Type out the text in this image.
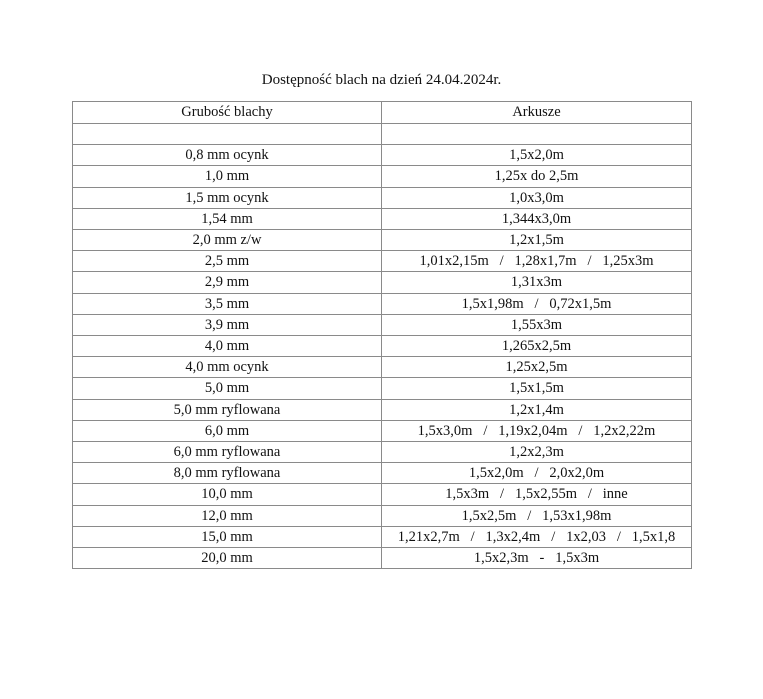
Dostępność blach na dzień 24.04.2024r.
Grubość blachy	Arkusze

0,8 mm ocynk	1,5x2,0m
1,0 mm	1,25x do 2,5m
1,5 mm ocynk	1,0x3,0m
1,54 mm	1,344x3,0m
2,0 mm z/w	1,2x1,5m
2,5 mm	1,01x2,15m   /   1,28x1,7m   /   1,25x3m
2,9 mm	1,31x3m
3,5 mm	1,5x1,98m   /   0,72x1,5m
3,9 mm	1,55x3m
4,0 mm	1,265x2,5m
4,0 mm ocynk	1,25x2,5m
5,0 mm	1,5x1,5m
5,0 mm ryflowana	1,2x1,4m
6,0 mm	1,5x3,0m   /   1,19x2,04m   /   1,2x2,22m
6,0 mm ryflowana	1,2x2,3m
8,0 mm ryflowana	1,5x2,0m   /   2,0x2,0m
10,0 mm	1,5x3m   /   1,5x2,55m   /   inne
12,0 mm	1,5x2,5m   /   1,53x1,98m
15,0 mm	1,21x2,7m   /   1,3x2,4m   /   1x2,03   /   1,5x1,8
20,0 mm	1,5x2,3m   -   1,5x3m
